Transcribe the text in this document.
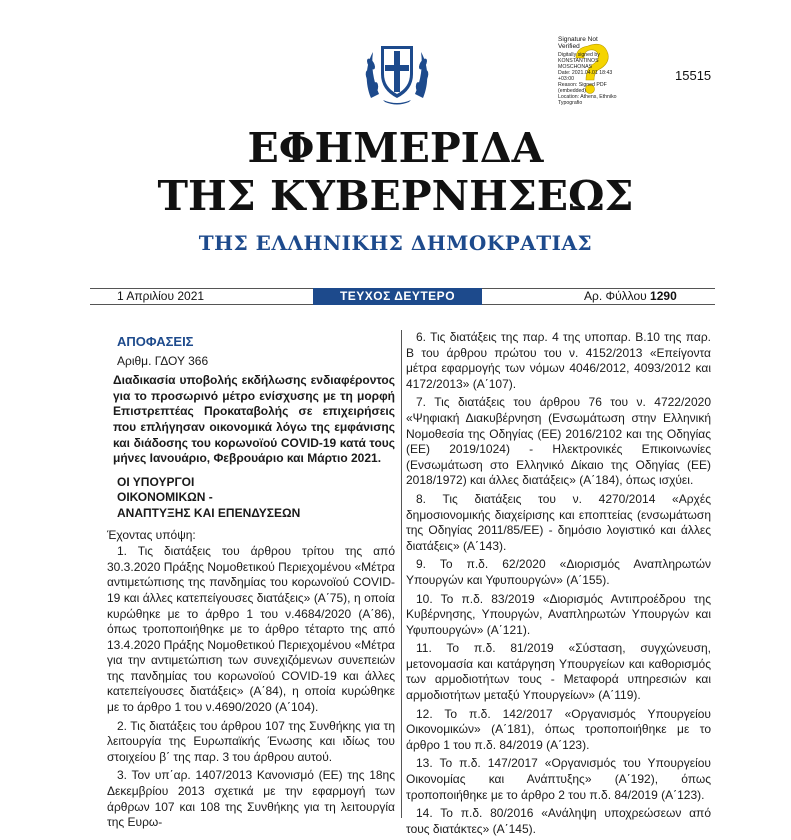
Signature Not Verified
Digitally signed by
KONSTANTINOS
MOSCHONAS
Date: 2021.04.01 18:43
+03:00
Reason: Signed PDF
(embedded)
Location: Athens, Ethniko
Typografio
15515
ΕΦΗΜΕΡΙΔΑ
ΤΗΣ ΚΥΒΕΡΝΗΣΕΩΣ
ΤΗΣ ΕΛΛΗΝΙΚΗΣ ΔΗΜΟΚΡΑΤΙΑΣ
1 Απριλίου 2021	ΤΕΥΧΟΣ ΔΕΥΤΕΡΟ	Αρ. Φύλλου 1290
ΑΠΟΦΑΣΕΙΣ
Αριθμ. ΓΔΟΥ 366
Διαδικασία υποβολής εκδήλωσης ενδιαφέροντος για το προσωρινό μέτρο ενίσχυσης με τη μορφή Επιστρεπτέας Προκαταβολής σε επιχειρήσεις που επλήγησαν οικονομικά λόγω της εμφάνισης και διάδοσης του κορωνοϊού COVID-19 κατά τους μήνες Ιανουάριο, Φεβρουάριο και Μάρτιο 2021.
ΟΙ ΥΠΟΥΡΓΟΙ
ΟΙΚΟΝΟΜΙΚΩΝ -
ΑΝΑΠΤΥΞΗΣ ΚΑΙ ΕΠΕΝΔΥΣΕΩΝ
Έχοντας υπόψη:

1. Τις διατάξεις του άρθρου τρίτου της από 30.3.2020 Πράξης Νομοθετικού Περιεχομένου «Μέτρα αντιμετώπισης της πανδημίας του κορωνοϊού COVID-19 και άλλες κατεπείγουσες διατάξεις» (Α΄75), η οποία κυρώθηκε με το άρθρο 1 του ν.4684/2020 (Α΄86), όπως τροποποιήθηκε με το άρθρο τέταρτο της από 13.4.2020 Πράξης Νομοθετικού Περιεχομένου «Μέτρα για την αντιμετώπιση των συνεχιζόμενων συνεπειών της πανδημίας του κορωνοϊού COVID-19 και άλλες κατεπείγουσες διατάξεις» (Α΄84), η οποία κυρώθηκε με το άρθρο 1 του ν.4690/2020 (Α΄104).

2. Τις διατάξεις του άρθρου 107 της Συνθήκης για τη λειτουργία της Ευρωπαϊκής Ένωσης και ιδίως του στοιχείου β΄ της παρ. 3 του άρθρου αυτού.

3. Τον υπ΄αρ. 1407/2013 Κανονισμό (ΕΕ) της 18ης Δεκεμβρίου 2013 σχετικά με την εφαρμογή των άρθρων 107 και 108 της Συνθήκης για τη λειτουργία της Ευρω-

6. Τις διατάξεις της παρ. 4 της υποπαρ. Β.10 της παρ. Β του άρθρου πρώτου του ν. 4152/2013 «Επείγοντα μέτρα εφαρμογής των νόμων 4046/2012, 4093/2012 και 4172/2013» (Α΄107).

7. Τις διατάξεις του άρθρου 76 του ν. 4722/2020 «Ψηφιακή Διακυβέρνηση (Ενσωμάτωση στην Ελληνική Νομοθεσία της Οδηγίας (ΕΕ) 2016/2102 και της Οδηγίας (ΕΕ) 2019/1024) - Ηλεκτρονικές Επικοινωνίες (Ενσωμάτωση στο Ελληνικό Δίκαιο της Οδηγίας (ΕΕ) 2018/1972) και άλλες διατάξεις» (Α΄184), όπως ισχύει.

8. Τις διατάξεις του ν. 4270/2014 «Αρχές δημοσιονομικής διαχείρισης και εποπτείας (ενσωμάτωση της Οδηγίας 2011/85/ΕΕ) - δημόσιο λογιστικό και άλλες διατάξεις» (Α΄143).

9. Το π.δ. 62/2020 «Διορισμός Αναπληρωτών Υπουργών και Υφυπουργών» (Α΄155).

10. Το π.δ. 83/2019 «Διορισμός Αντιπροέδρου της Κυβέρνησης, Υπουργών, Αναπληρωτών Υπουργών και Υφυπουργών» (Α΄121).

11. Το π.δ. 81/2019 «Σύσταση, συγχώνευση, μετονομασία και κατάργηση Υπουργείων και καθορισμός των αρμοδιοτήτων τους - Μεταφορά υπηρεσιών και αρμοδιοτήτων μεταξύ Υπουργείων» (Α΄119).

12. Το π.δ. 142/2017 «Οργανισμός Υπουργείου Οικονομικών» (Α΄181), όπως τροποποιήθηκε με το άρθρο 1 του π.δ. 84/2019 (Α΄123).

13. Το π.δ. 147/2017 «Οργανισμός του Υπουργείου Οικονομίας και Ανάπτυξης» (Α΄192), όπως τροποποιήθηκε με το άρθρο 2 του π.δ. 84/2019 (Α΄123).

14. Το π.δ. 80/2016 «Ανάληψη υποχρεώσεων από τους διατάκτες» (Α΄145).
